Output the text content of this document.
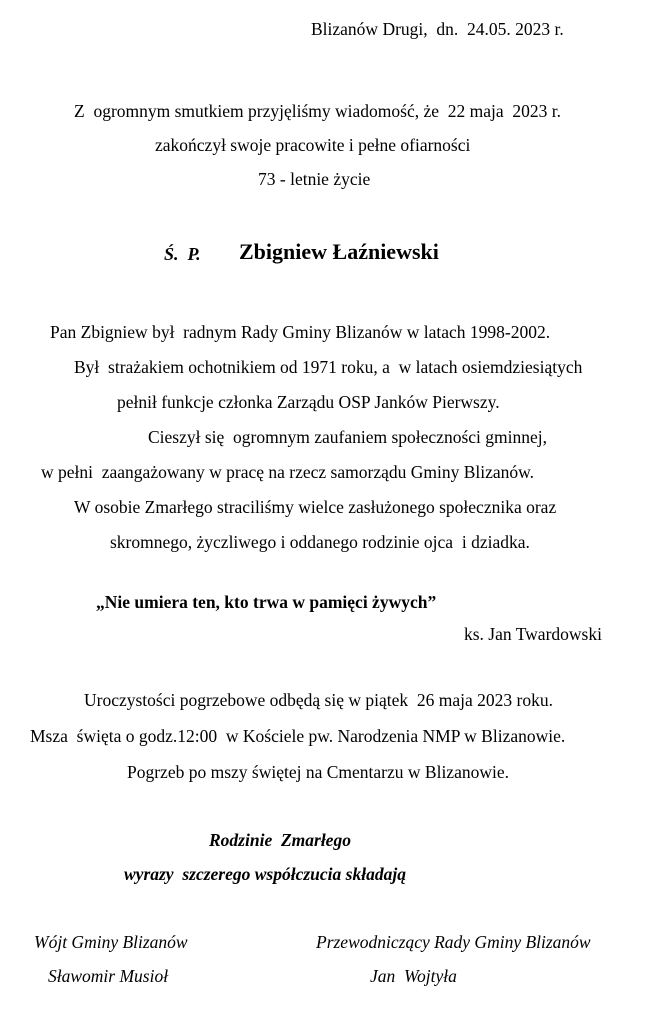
Blizanów Drugi,  dn.  24.05. 2023 r.
Z  ogromnym smutkiem przyjęliśmy wiadomość, że  22 maja  2023 r.
zakończył swoje pracowite i pełne ofiarności
73 - letnie życie
Ś.  P. Zbigniew Łaźniewski
Pan Zbigniew był  radnym Rady Gminy Blizanów w latach 1998-2002.
Był  strażakiem ochotnikiem od 1971 roku, a  w latach osiemdziesiątych
pełnił funkcje członka Zarządu OSP Janków Pierwszy.
Cieszył się  ogromnym zaufaniem społeczności gminnej,
w pełni  zaangażowany w pracę na rzecz samorządu Gminy Blizanów.
W osobie Zmarłego straciliśmy wielce zasłużonego społecznika oraz
skromnego, życzliwego i oddanego rodzinie ojca  i dziadka.
„Nie umiera ten, kto trwa w pamięci żywych”
ks. Jan Twardowski
Uroczystości pogrzebowe odbędą się w piątek  26 maja 2023 roku.
Msza  święta o godz.12:00  w Kościele pw. Narodzenia NMP w Blizanowie.
Pogrzeb po mszy świętej na Cmentarzu w Blizanowie.
Rodzinie  Zmarłego
wyrazy  szczerego współczucia składają
Wójt Gminy Blizanów
Sławomir Musioł
Przewodniczący Rady Gminy Blizanów
Jan  Wojtyła
